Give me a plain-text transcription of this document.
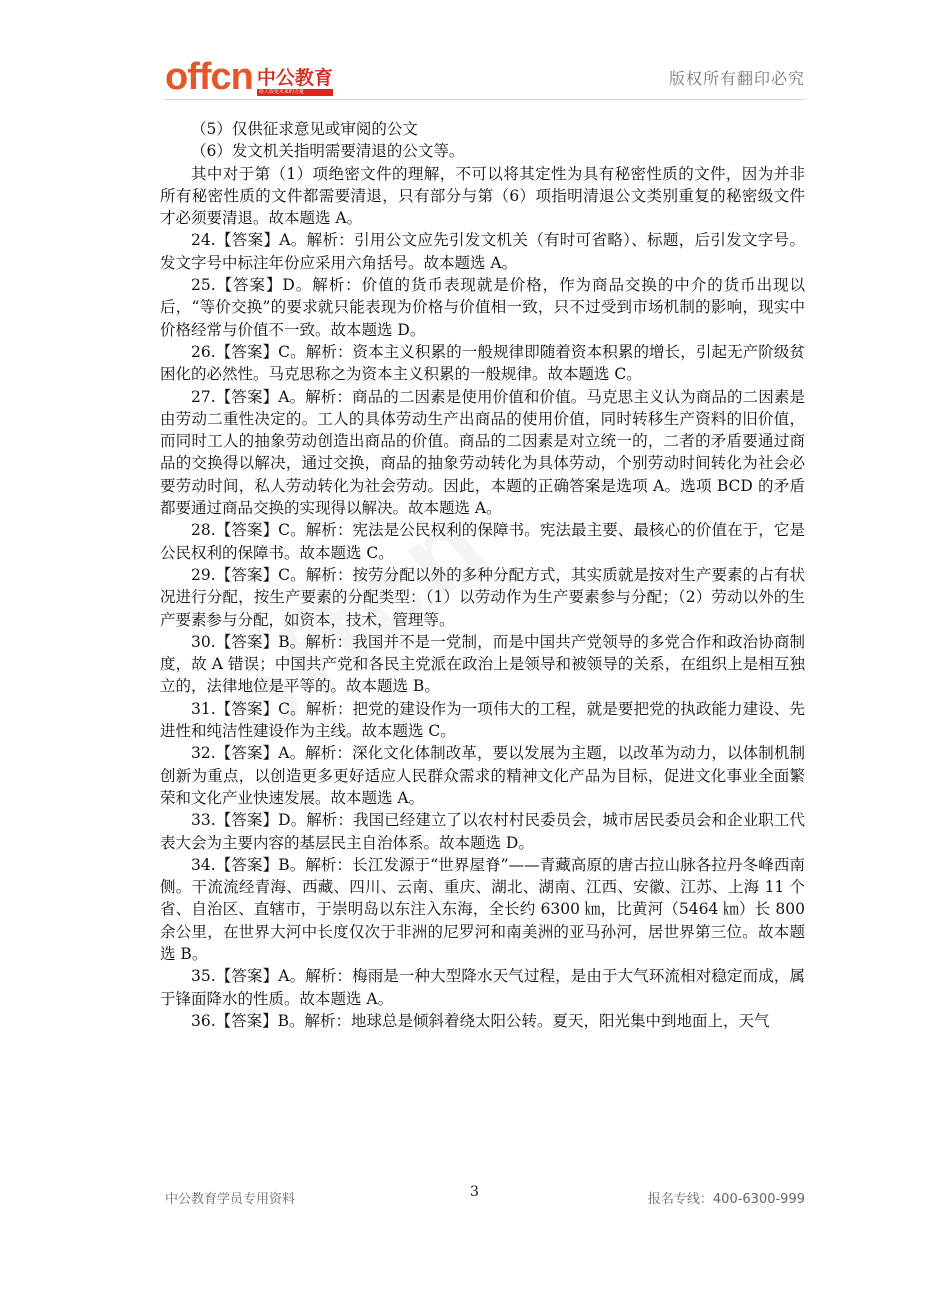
offcn 中公教育
给人改变未来的力量
版权所有翻印必究

（5）仅供征求意见或审阅的公文

（6）发文机关指明需要清退的公文等。

其中对于第（1）项绝密文件的理解，不可以将其定性为具有秘密性质的文件，因为并非所有秘密性质的文件都需要清退，只有部分与第（6）项指明清退公文类别重复的秘密级文件才必须要清退。故本题选 A。

24.【答案】A。解析：引用公文应先引发文机关（有时可省略）、标题，后引发文字号。发文字号中标注年份应采用六角括号。故本题选 A。

25.【答案】D。解析：价值的货币表现就是价格，作为商品交换的中介的货币出现以后，“等价交换”的要求就只能表现为价格与价值相一致，只不过受到市场机制的影响，现实中价格经常与价值不一致。故本题选 D。

26.【答案】C。解析：资本主义积累的一般规律即随着资本积累的增长，引起无产阶级贫困化的必然性。马克思称之为资本主义积累的一般规律。故本题选 C。

27.【答案】A。解析：商品的二因素是使用价值和价值。马克思主义认为商品的二因素是由劳动二重性决定的。工人的具体劳动生产出商品的使用价值，同时转移生产资料的旧价值，而同时工人的抽象劳动创造出商品的价值。商品的二因素是对立统一的，二者的矛盾要通过商品的交换得以解决，通过交换，商品的抽象劳动转化为具体劳动，个别劳动时间转化为社会必要劳动时间，私人劳动转化为社会劳动。因此，本题的正确答案是选项 A。选项 BCD 的矛盾都要通过商品交换的实现得以解决。故本题选 A。

28.【答案】C。解析：宪法是公民权利的保障书。宪法最主要、最核心的价值在于，它是公民权利的保障书。故本题选 C。

29.【答案】C。解析：按劳分配以外的多种分配方式，其实质就是按对生产要素的占有状况进行分配，按生产要素的分配类型：（1）以劳动作为生产要素参与分配；（2）劳动以外的生产要素参与分配，如资本，技术，管理等。

30.【答案】B。解析：我国并不是一党制，而是中国共产党领导的多党合作和政治协商制度，故 A 错误；中国共产党和各民主党派在政治上是领导和被领导的关系，在组织上是相互独立的，法律地位是平等的。故本题选 B。

31.【答案】C。解析：把党的建设作为一项伟大的工程，就是要把党的执政能力建设、先进性和纯洁性建设作为主线。故本题选 C。

32.【答案】A。解析：深化文化体制改革，要以发展为主题，以改革为动力，以体制机制创新为重点，以创造更多更好适应人民群众需求的精神文化产品为目标，促进文化事业全面繁荣和文化产业快速发展。故本题选 A。

33.【答案】D。解析：我国已经建立了以农村村民委员会，城市居民委员会和企业职工代表大会为主要内容的基层民主自治体系。故本题选 D。

34.【答案】B。解析：长江发源于“世界屋脊”——青藏高原的唐古拉山脉各拉丹冬峰西南侧。干流流经青海、西藏、四川、云南、重庆、湖北、湖南、江西、安徽、江苏、上海 11 个省、自治区、直辖市，于崇明岛以东注入东海，全长约 6300 ㎞，比黄河（5464 ㎞）长 800 余公里，在世界大河中长度仅次于非洲的尼罗河和南美洲的亚马孙河，居世界第三位。故本题选 B。

35.【答案】A。解析：梅雨是一种大型降水天气过程，是由于大气环流相对稳定而成，属于锋面降水的性质。故本题选 A。

36.【答案】B。解析：地球总是倾斜着绕太阳公转。夏天，阳光集中到地面上，天气

中公教育学员专用资料	3	报名专线：400-6300-999
